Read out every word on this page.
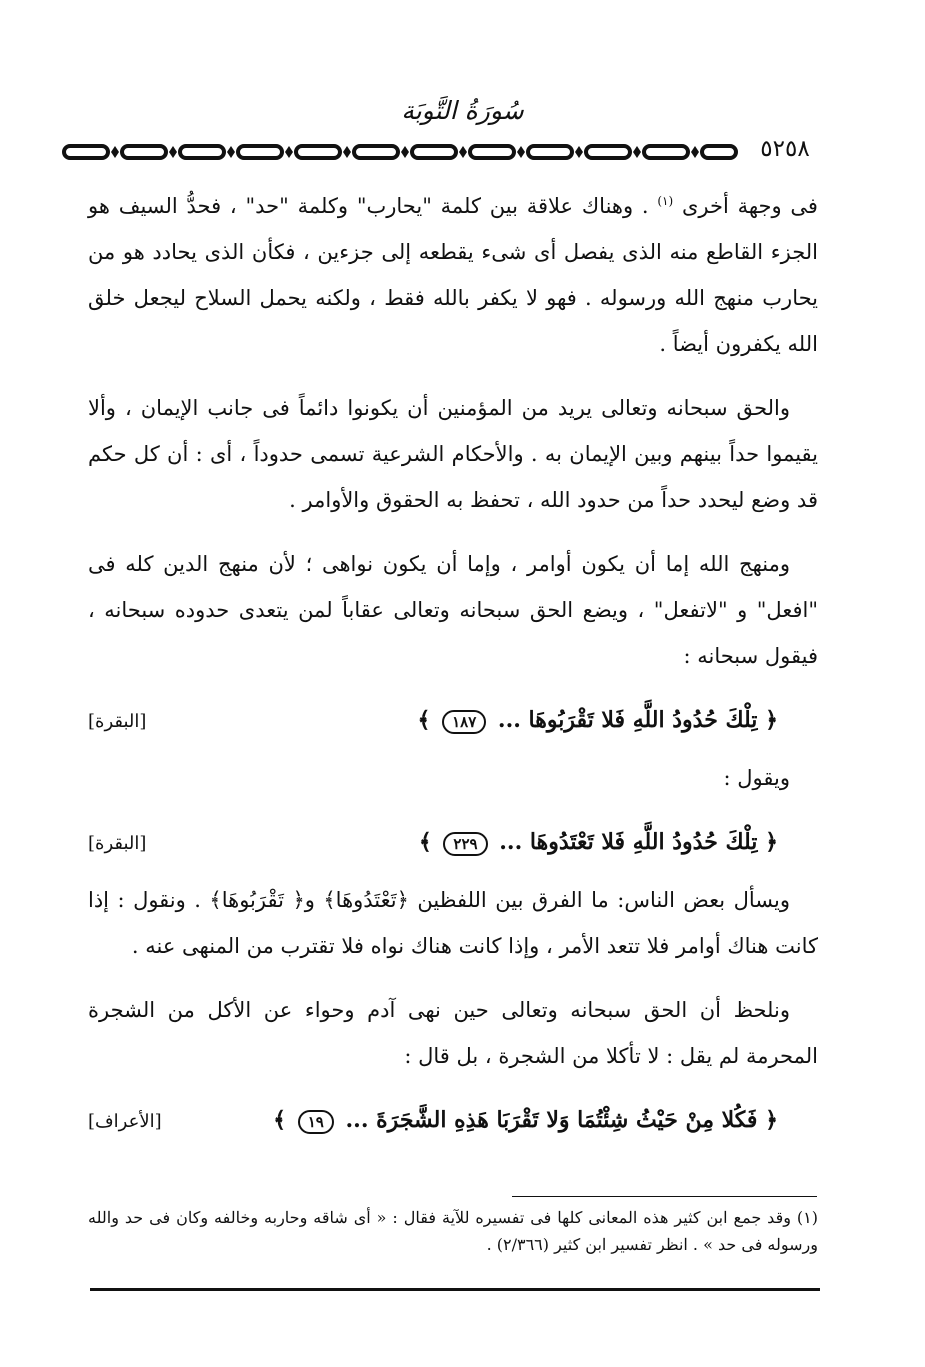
سُورَةُ التَّوبَة
٥٢٥٨

فى وجهة أخرى $^{(١)}$ . وهناك علاقة بين كلمة "يحارب" وكلمة "حد" ، فحدُّ السيف هو الجزء القاطع منه الذى يفصل أى شىء يقطعه إلى جزءين ، فكأن الذى يحادد هو من يحارب منهج الله ورسوله . فهو لا يكفر بالله فقط ، ولكنه يحمل السلاح ليجعل خلق الله يكفرون أيضاً .

والحق سبحانه وتعالى يريد من المؤمنين أن يكونوا دائماً فى جانب الإيمان ، وألا يقيموا حداً بينهم وبين الإيمان به . والأحكام الشرعية تسمى حدوداً ، أى : أن كل حكم قد وضع ليحدد حداً من حدود الله ، تحفظ به الحقوق والأوامر .

ومنهج الله إما أن يكون أوامر ، وإما أن يكون نواهى ؛ لأن منهج الدين كله فى "افعل" و "لاتفعل" ، ويضع الحق سبحانه وتعالى عقاباً لمن يتعدى حدوده سبحانه ، فيقول سبحانه :

﴿ تِلْكَ حُدُودُ اللَّهِ فَلا تَقْرَبُوهَا ... ١٨٧ ﴾
[البقرة]

ويقول :

﴿ تِلْكَ حُدُودُ اللَّهِ فَلا تَعْتَدُوهَا ... ٢٢٩ ﴾
[البقرة]

ويسأل بعض الناس: ما الفرق بين اللفظين ﴿تَعْتَدُوهَا﴾ و﴿ تَقْرَبُوهَا﴾ . ونقول : إذا كانت هناك أوامر فلا تتعد الأمر ، وإذا كانت هناك نواه فلا تقترب من المنهى عنه .

ونلحظ أن الحق سبحانه وتعالى حين نهى آدم وحواء عن الأكل من الشجرة المحرمة لم يقل : لا تأكلا من الشجرة ، بل قال :

﴿ فَكُلا مِنْ حَيْثُ شِئْتُمَا وَلا تَقْرَبَا هَذِهِ الشَّجَرَةَ ... ١٩ ﴾
[الأعراف]
(١) وقد جمع ابن كثير هذه المعانى كلها فى تفسيره للآية فقال : « أى شاقه وحاربه وخالفه وكان فى حد والله ورسوله فى حد » . انظر تفسير ابن كثير (٢/٣٦٦) .
